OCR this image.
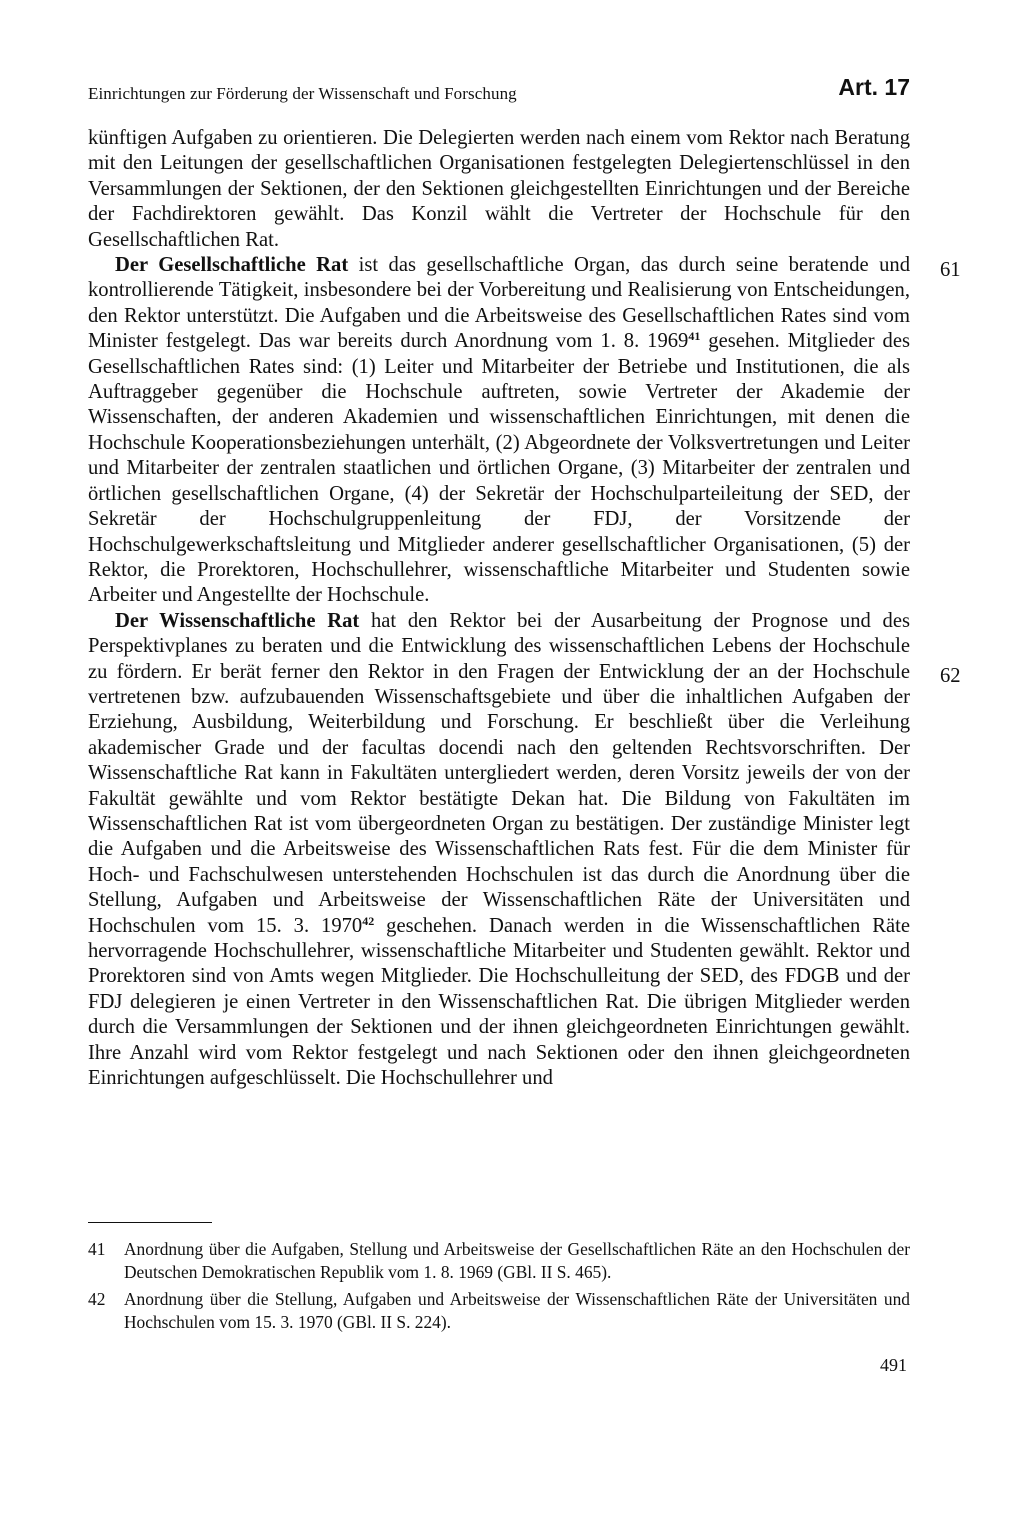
Einrichtungen zur Förderung der Wissenschaft und Forschung	Art. 17

künftigen Aufgaben zu orientieren. Die Delegierten werden nach einem vom Rektor nach Beratung mit den Leitungen der gesellschaftlichen Organisationen festgelegten Delegiertenschlüssel in den Versammlungen der Sektionen, der den Sektionen gleichgestellten Einrichtungen und der Bereiche der Fachdirektoren gewählt. Das Konzil wählt die Vertreter der Hochschule für den Gesellschaftlichen Rat.

Der Gesellschaftliche Rat ist das gesellschaftliche Organ, das durch seine beratende und kontrollierende Tätigkeit, insbesondere bei der Vorbereitung und Realisierung von Entscheidungen, den Rektor unterstützt. Die Aufgaben und die Arbeitsweise des Gesellschaftlichen Rates sind vom Minister festgelegt. Das war bereits durch Anordnung vom 1. 8. 1969$^{41}$ gesehen. Mitglieder des Gesellschaftlichen Rates sind: (1) Leiter und Mitarbeiter der Betriebe und Institutionen, die als Auftraggeber gegenüber die Hochschule auftreten, sowie Vertreter der Akademie der Wissenschaften, der anderen Akademien und wissenschaftlichen Einrichtungen, mit denen die Hochschule Kooperationsbeziehungen unterhält, (2) Abgeordnete der Volksvertretungen und Leiter und Mitarbeiter der zentralen staatlichen und örtlichen Organe, (3) Mitarbeiter der zentralen und örtlichen gesellschaftlichen Organe, (4) der Sekretär der Hochschulparteileitung der SED, der Sekretär der Hochschulgruppenleitung der FDJ, der Vorsitzende der Hochschulgewerkschaftsleitung und Mitglieder anderer gesellschaftlicher Organisationen, (5) der Rektor, die Prorektoren, Hochschullehrer, wissenschaftliche Mitarbeiter und Studenten sowie Arbeiter und Angestellte der Hochschule.

Der Wissenschaftliche Rat hat den Rektor bei der Ausarbeitung der Prognose und des Perspektivplanes zu beraten und die Entwicklung des wissenschaftlichen Lebens der Hochschule zu fördern. Er berät ferner den Rektor in den Fragen der Entwicklung der an der Hochschule vertretenen bzw. aufzubauenden Wissenschaftsgebiete und über die inhaltlichen Aufgaben der Erziehung, Ausbildung, Weiterbildung und Forschung. Er beschließt über die Verleihung akademischer Grade und der facultas docendi nach den geltenden Rechtsvorschriften. Der Wissenschaftliche Rat kann in Fakultäten untergliedert werden, deren Vorsitz jeweils der von der Fakultät gewählte und vom Rektor bestätigte Dekan hat. Die Bildung von Fakultäten im Wissenschaftlichen Rat ist vom übergeordneten Organ zu bestätigen. Der zuständige Minister legt die Aufgaben und die Arbeitsweise des Wissenschaftlichen Rats fest. Für die dem Minister für Hoch- und Fachschulwesen unterstehenden Hochschulen ist das durch die Anordnung über die Stellung, Aufgaben und Arbeitsweise der Wissenschaftlichen Räte der Universitäten und Hochschulen vom 15. 3. 1970$^{42}$ geschehen. Danach werden in die Wissenschaftlichen Räte hervorragende Hochschullehrer, wissenschaftliche Mitarbeiter und Studenten gewählt. Rektor und Prorektoren sind von Amts wegen Mitglieder. Die Hochschulleitung der SED, des FDGB und der FDJ delegieren je einen Vertreter in den Wissenschaftlichen Rat. Die übrigen Mitglieder werden durch die Versammlungen der Sektionen und der ihnen gleichgeordneten Einrichtungen gewählt. Ihre Anzahl wird vom Rektor festgelegt und nach Sektionen oder den ihnen gleichgeordneten Einrichtungen aufgeschlüsselt. Die Hochschullehrer und

61
62

41 Anordnung über die Aufgaben, Stellung und Arbeitsweise der Gesellschaftlichen Räte an den Hochschulen der Deutschen Demokratischen Republik vom 1. 8. 1969 (GBl. II S. 465).

42 Anordnung über die Stellung, Aufgaben und Arbeitsweise der Wissenschaftlichen Räte der Universitäten und Hochschulen vom 15. 3. 1970 (GBl. II S. 224).

491
